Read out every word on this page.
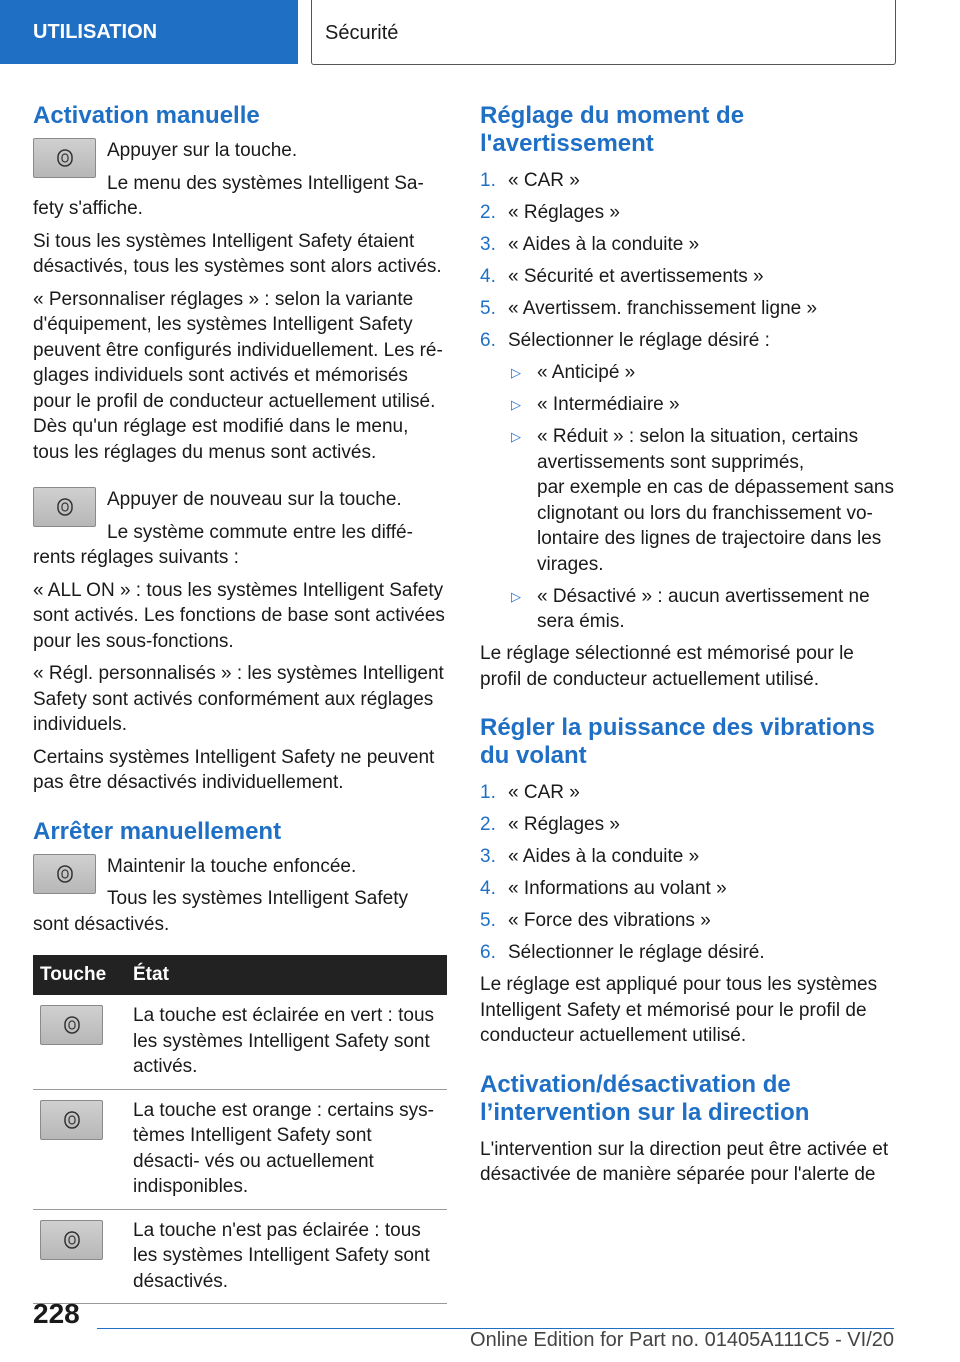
UTILISATION	Sécurité
Activation manuelle

Appuyer sur la touche.

Le menu des systèmes Intelligent Sa‐

fety s'affiche.

Si tous les systèmes Intelligent Safety étaient désactivés, tous les systèmes sont alors activés.

« Personnaliser réglages » : selon la variante d'équipement, les systèmes Intelligent Safety peuvent être configurés individuellement. Les ré‐ glages individuels sont activés et mémorisés pour le profil de conducteur actuellement utilisé. Dès qu'un réglage est modifié dans le menu, tous les réglages du menus sont activés.

Appuyer de nouveau sur la touche.

Le système commute entre les diffé‐

rents réglages suivants :

« ALL ON » : tous les systèmes Intelligent Safety sont activés. Les fonctions de base sont activées pour les sous-fonctions.

« Régl. personnalisés » : les systèmes Intelligent Safety sont activés conformément aux réglages individuels.

Certains systèmes Intelligent Safety ne peuvent pas être désactivés individuellement.

Arrêter manuellement

Maintenir la touche enfoncée.

Tous les systèmes Intelligent Safety

sont désactivés.

Touche	État

	La touche est éclairée en vert : tous les systèmes Intelligent Safety sont activés.

	La touche est orange : certains sys‐ tèmes Intelligent Safety sont désacti‐ vés ou actuellement indisponibles.

	La touche n'est pas éclairée : tous les systèmes Intelligent Safety sont désactivés.
Réglage du moment de l'avertissement
1. « CAR »
2. « Réglages »
3. « Aides à la conduite »
4. « Sécurité et avertissements »
5. « Avertissem. franchissement ligne »
6. Sélectionner le réglage désiré :
▷ « Anticipé »
▷ « Intermédiaire »
▷ « Réduit » : selon la situation, certains avertissements sont supprimés,
par exemple en cas de dépassement sans clignotant ou lors du franchissement vo‐ lontaire des lignes de trajectoire dans les virages.
▷ « Désactivé » : aucun avertissement ne sera émis.

Le réglage sélectionné est mémorisé pour le profil de conducteur actuellement utilisé.

Régler la puissance des vibrations du volant
1. « CAR »
2. « Réglages »
3. « Aides à la conduite »
4. « Informations au volant »
5. « Force des vibrations »
6. Sélectionner le réglage désiré.

Le réglage est appliqué pour tous les systèmes Intelligent Safety et mémorisé pour le profil de conducteur actuellement utilisé.

Activation/désactivation de l’intervention sur la direction

L'intervention sur la direction peut être activée et désactivée de manière séparée pour l'alerte de

228
Online Edition for Part no. 01405A111C5 - VI/20
